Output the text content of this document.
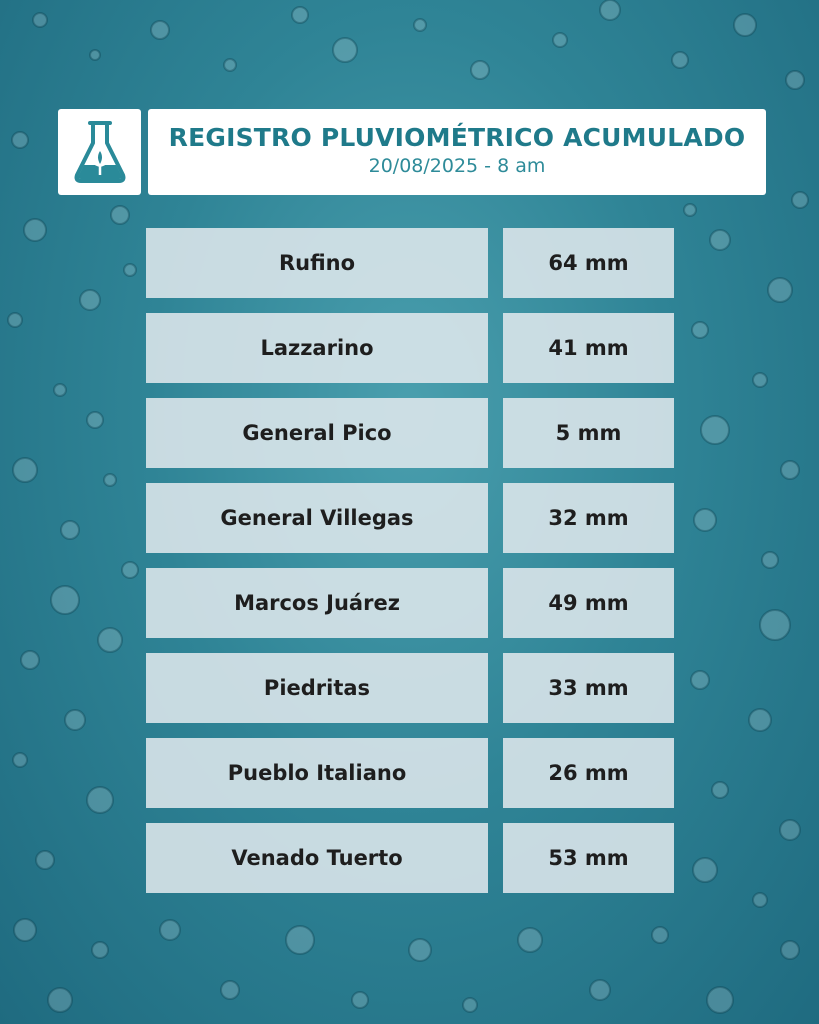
REGISTRO PLUVIOMÉTRICO ACUMULADO
20/08/2025 - 8 am
Rufino	64 mm
Lazzarino	41 mm
General Pico	5 mm
General Villegas	32 mm
Marcos Juárez	49 mm
Piedritas	33 mm
Pueblo Italiano	26 mm
Venado Tuerto	53 mm
